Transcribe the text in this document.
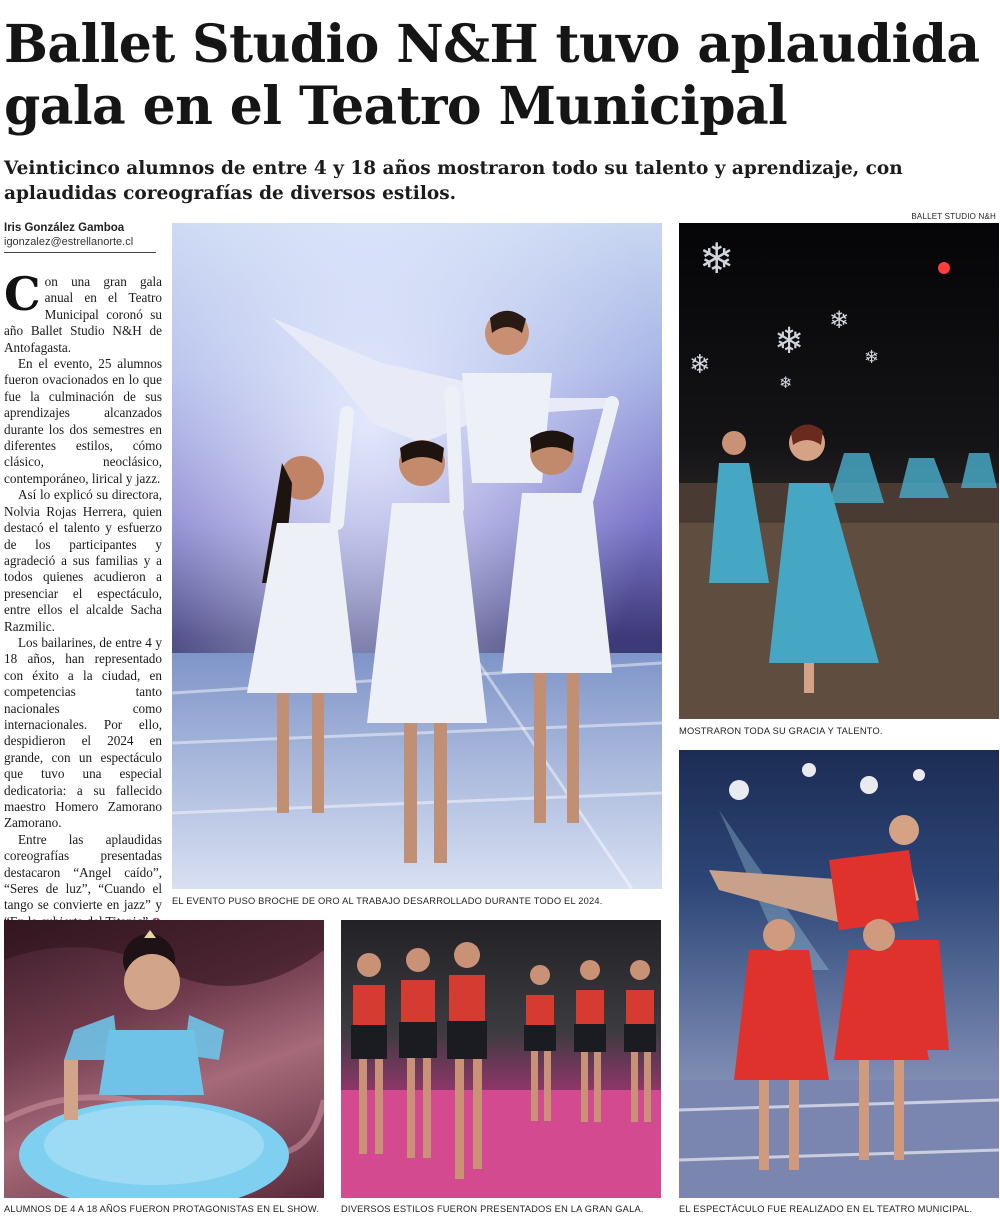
Ballet Studio N&H tuvo aplaudida gala en el Teatro Municipal
Veinticinco alumnos de entre 4 y 18 años mostraron todo su talento y aprendizaje, con aplaudidas coreografías de diversos estilos.
Iris González Gamboa
igonzalez@estrellanorte.cl
BALLET STUDIO N&H

Con una gran gala anual en el Teatro Municipal coronó su año Ballet Studio N&H de Antofagasta.

En el evento, 25 alumnos fueron ovacionados en lo que fue la culminación de sus aprendizajes alcanzados durante los dos semestres en diferentes estilos, cómo clásico, neoclásico, contemporáneo, lirical y jazz.

Así lo explicó su directora, Nolvia Rojas Herrera, quien destacó el talento y esfuerzo de los participantes y agradeció a sus familias y a todos quienes acudieron a presenciar el espectáculo, entre ellos el alcalde Sacha Razmilic.

Los bailarines, de entre 4 y 18 años, han representado con éxito a la ciudad, en competencias tanto nacionales como internacionales. Por ello, despidieron el 2024 en grande, con un espectáculo que tuvo una especial dedicatoria: a su fallecido maestro Homero Zamorano Zamorano.

Entre las aplaudidas coreografías presentadas destacaron “Angel caído”, “Seres de luz”, “Cuando el tango se convierte en jazz” y EL EVENTO PUSO BROCHE DE ORO AL TRABAJO DESARROLLADO DURANTE TODO EL 2024.
❄
❄
❄
❄
❄
❄
MOSTRARON TODA SU GRACIA Y TALENTO.
EL ESPECTÁCULO FUE REALIZADO EN EL TEATRO MUNICIPAL.
ALUMNOS DE 4 A 18 AÑOS FUERON PROTAGONISTAS EN EL SHOW. DIVERSOS ESTILOS FUERON PRESENTADOS EN LA GRAN GALA.
